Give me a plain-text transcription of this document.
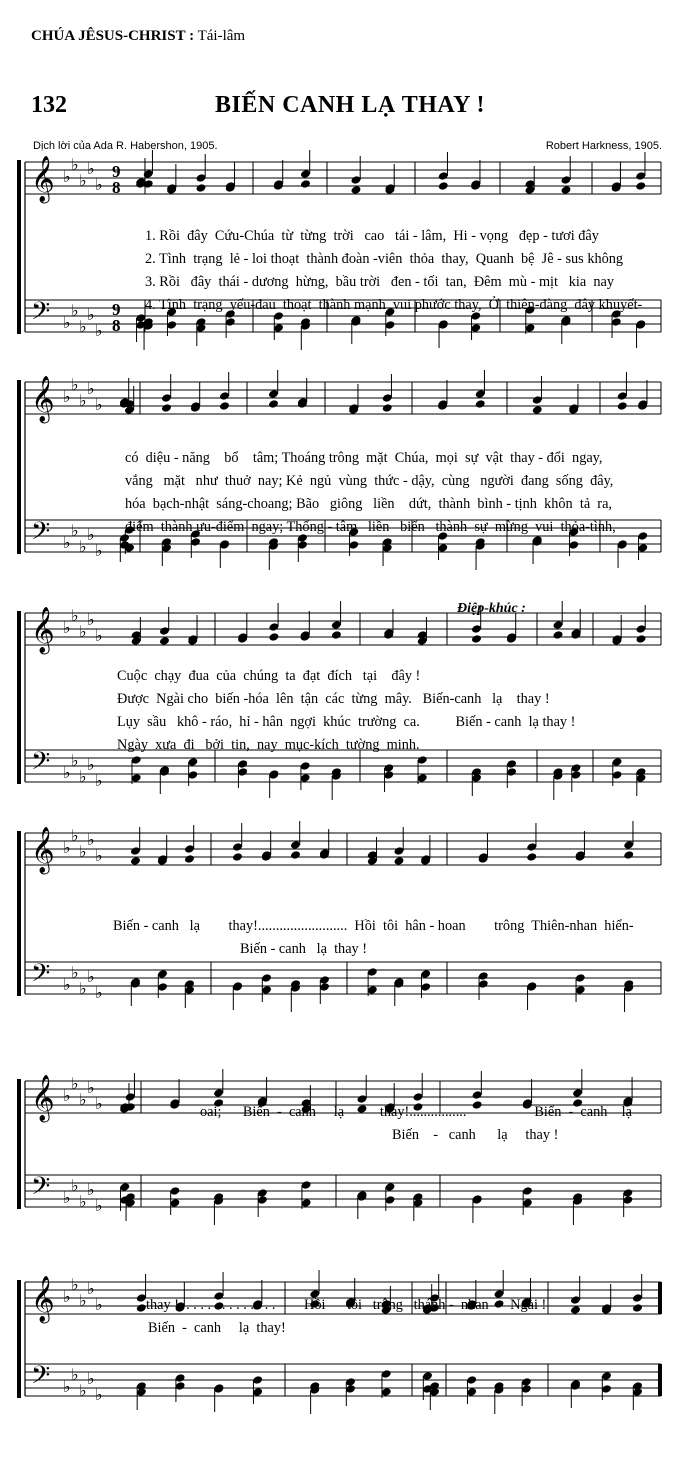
CHÚA JÊSUS-CHRIST : Tái-lâm
132	BIẾN CANH LẠ THAY !
Dịch lời của Ada R. Habershon, 1905.	Robert Harkness, 1905.
Điệp-khúc :
𝄞
𝄢
♭
♭
♭
♭
♭
♭
♭
♭
♭
♭
9
8
9
8
𝄞
𝄢
♭
♭
♭
♭
♭
♭
♭
♭
♭
♭
𝄞
𝄢
♭
♭
♭
♭
♭
♭
♭
♭
♭
♭
𝄞
𝄢
♭
♭
♭
♭
♭
♭
♭
♭
♭
♭
𝄞
𝄢
♭
♭
♭
♭
♭
♭
♭
♭
♭
♭
𝄞
𝄢
♭
♭
♭
♭
♭
♭
♭
♭
♭
♭
1. Rồi  đây  Cứu-Chúa  từ  từng  trời   cao   tái - lâm,  Hi - vọng   đẹp - tươi đây
2. Tình  trạng  lẻ - loi thoạt  thành đoàn -viên  thỏa  thay,  Quanh  bệ  Jê - sus không
3. Rồi   đây  thái - dương  hừng,  bầu trời   đen - tối  tan,  Đêm  mù - mịt   kia  nay
4. Tình  trạng  yếu-đau  thoạt  thành mạnh  vui phước thay,  Ở  thiên-đàng  đây khuyết-
có  diệu - năng    bổ    tâm; Thoáng trông  mặt  Chúa,  mọi  sự  vật  thay - đổi  ngay,
vắng   mặt   như  thuở  nay; Kẻ  ngủ  vùng  thức - dậy,  cùng   người  đang  sống  đây,
hóa  bạch-nhật  sáng-choang; Bão   giông   liền    dứt,  thành  bình - tịnh  khôn  tả  ra,
điểm  thành ưu-điểm  ngay; Thống - tâm   liền   biến   thành  sự  mừng  vui  thỏa-tình,
Cuộc  chạy  đua  của  chúng  ta  đạt  đích   tại    đây !
Được  Ngài cho  biến -hóa  lên  tận  các  từng  mây.   Biến-canh   lạ    thay !
Lụy  sầu   khô - ráo,  hỉ - hân  ngợi  khúc  trường  ca.          Biến - canh  lạ thay !
Ngày  xưa  đi   bởi  tin,  nay  mục-kích  tường  minh.
Biến - canh   lạ        thay!.........................  Hồi  tôi  hân - hoan        trông  Thiên-nhan  hiển-
Biến - canh   lạ  thay !
oai;      Biến  -  canh     lạ          thay!................                   Biến  -  canh    lạ
Biến    -   canh      lạ     thay !
thay !  . . . . . . . . . . . . .        Hồi      tôi   trông   thánh -  nhan      Ngài !
Biến  -  canh     lạ  thay!
